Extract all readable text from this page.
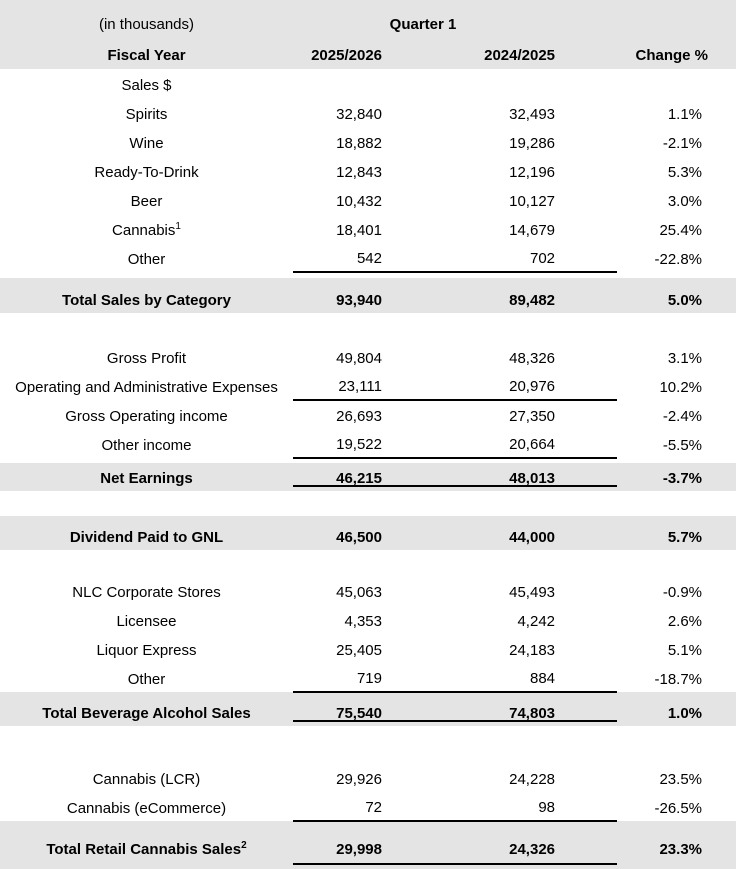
(in thousands)	Quarter 1		
Fiscal Year	2025/2026	2024/2025	Change %
Sales $			
Spirits	32,840	32,493	1.1%
Wine	18,882	19,286	-2.1%
Ready-To-Drink	12,843	12,196	5.3%
Beer	10,432	10,127	3.0%
Cannabis$^1$	18,401	14,679	25.4%
Other	542	702	-22.8%

Total Sales by Category	93,940	89,482	5.0%

Gross Profit	49,804	48,326	3.1%
Operating and Administrative Expenses	23,111	20,976	10.2%
Gross Operating income	26,693	27,350	-2.4%
Other income	19,522	20,664	-5.5%

Net Earnings	46,215	48,013	-3.7%

Dividend Paid to GNL	46,500	44,000	5.7%

NLC Corporate Stores	45,063	45,493	-0.9%
Licensee	4,353	4,242	2.6%
Liquor Express	25,405	24,183	5.1%
Other	719	884	-18.7%
Total Beverage Alcohol Sales	75,540	74,803	1.0%

Cannabis (LCR)	29,926	24,228	23.5%
Cannabis (eCommerce)	72	98	-26.5%
Total Retail Cannabis Sales$^2$	29,998	24,326	23.3%
